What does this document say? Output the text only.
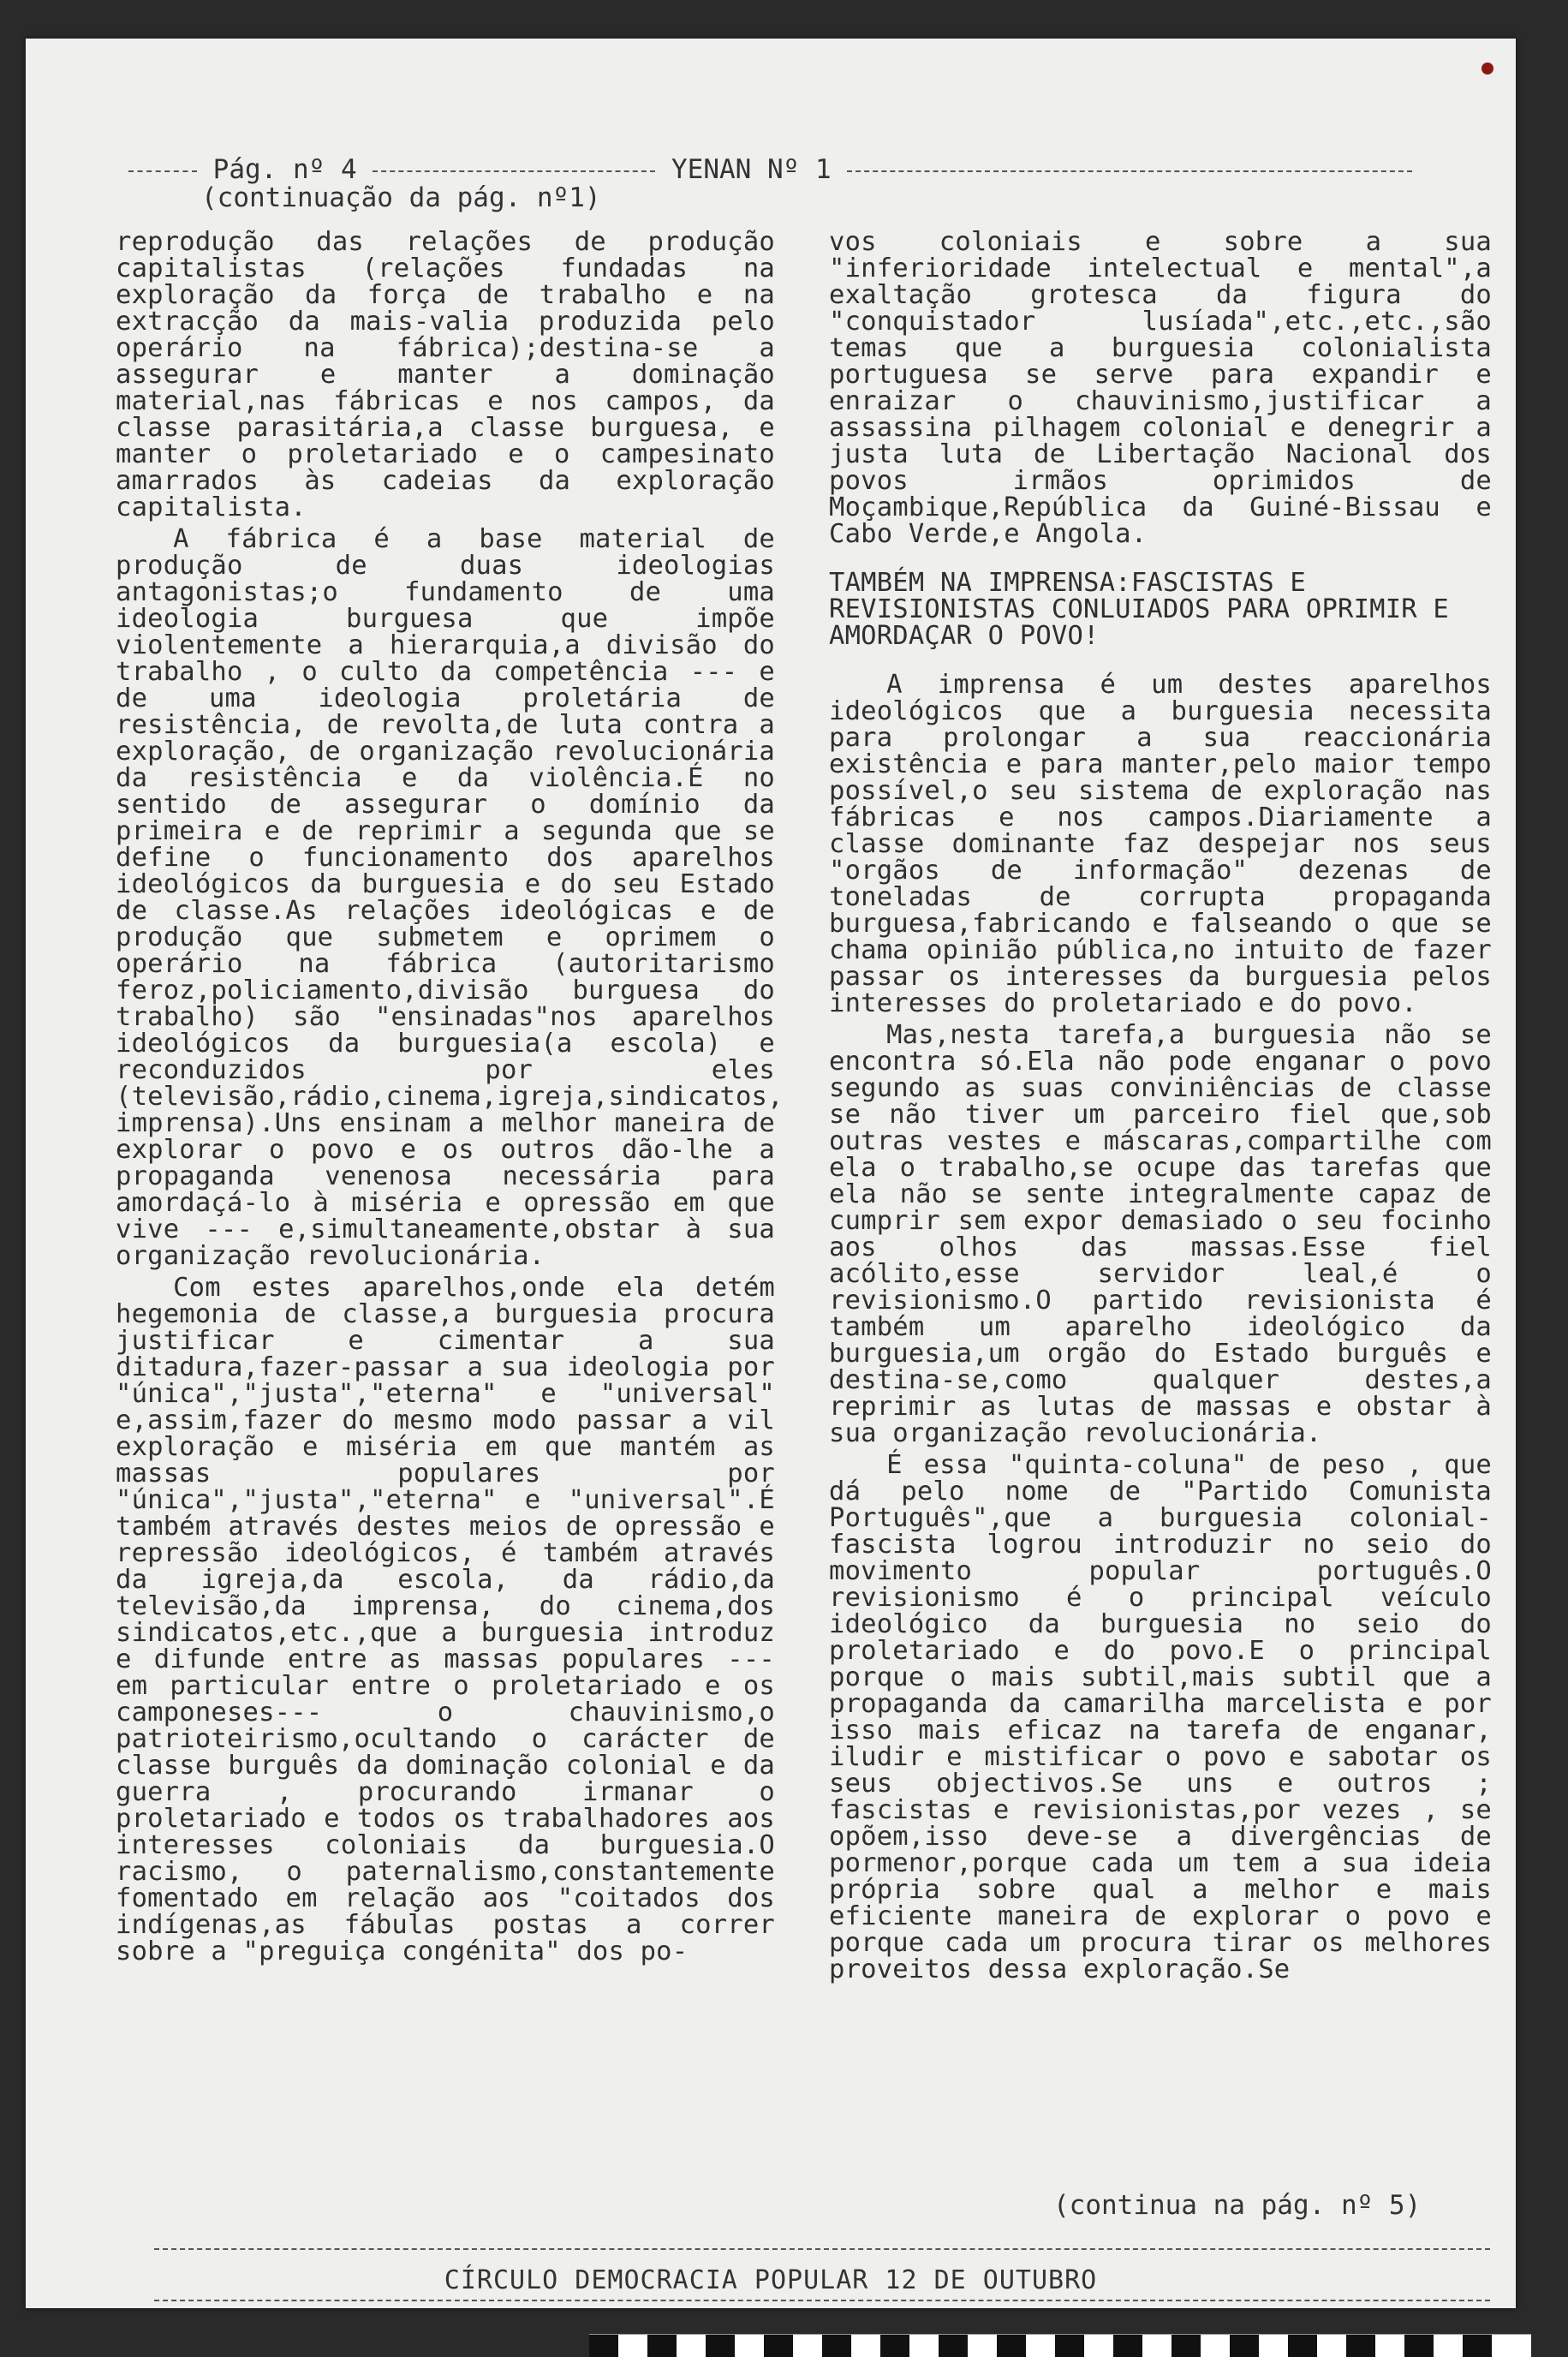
Pág. nº 4	YENAN Nº 1
(continuação da pág. nº1)

reprodução das relações de produção capitalistas (relações fundadas na exploração da força de trabalho e na extracção da mais-valia produzida pelo operário na fábrica);destina-se a assegurar e manter a dominação material,nas fábricas e nos campos, da classe parasitária,a classe burguesa, e manter o proletariado e o campesinato amarrados às cadeias da exploração capitalista.

A fábrica é a base material de produção de duas ideologias antagonistas;o fundamento de uma ideologia burguesa que impõe violentemente a hierarquia,a divisão do trabalho , o culto da competência --- e de uma ideologia proletária de resistência, de revolta,de luta contra a exploração, de organização revolucionária da resistência e da violência.É no sentido de assegurar o domínio da primeira e de reprimir a segunda que se define o funcionamento dos aparelhos ideológicos da burguesia e do seu Estado de classe.As relações ideológicas e de produção que submetem e oprimem o operário na fábrica (autoritarismo feroz,policiamento,divisão burguesa do trabalho) são "ensinadas"nos aparelhos ideológicos da burguesia(a escola) e reconduzidos por eles (televisão,rádio,cinema,igreja,sindicatos, imprensa).Uns ensinam a melhor maneira de explorar o povo e os outros dão-lhe a propaganda venenosa necessária para amordaçá-lo à miséria e opressão em que vive --- e,simultaneamente,obstar à sua organização revolucionária.

Com estes aparelhos,onde ela detém hegemonia de classe,a burguesia procura justificar e cimentar a sua ditadura,fazer-passar a sua ideologia por "única","justa","eterna" e "universal" e,assim,fazer do mesmo modo passar a vil exploração e miséria em que mantém as massas populares por "única","justa","eterna" e "universal".É também através destes meios de opressão e repressão ideológicos, é também através da igreja,da escola, da rádio,da televisão,da imprensa, do cinema,dos sindicatos,etc.,que a burguesia introduz e difunde entre as massas populares --- em particular entre o proletariado e os camponeses--- o chauvinismo,o patrioteirismo,ocultando o carácter de classe burguês da dominação colonial e da guerra , procurando irmanar o proletariado e todos os trabalhadores aos interesses coloniais da burguesia.O racismo, o paternalismo,constantemente fomentado em relação aos "coitados dos indígenas,as fábulas postas a correr sobre a "preguiça congénita" dos po-

vos coloniais e sobre a sua "inferioridade intelectual e mental",a exaltação grotesca da figura do "conquistador lusíada",etc.,etc.,são temas que a burguesia colonialista portuguesa se serve para expandir e enraizar o chauvinismo,justificar a assassina pilhagem colonial e denegrir a justa luta de Libertação Nacional dos povos irmãos oprimidos de Moçambique,República da Guiné-Bissau e Cabo Verde,e Angola.

TAMBÉM NA IMPRENSA:FASCISTAS E REVISIONISTAS CONLUIADOS PARA OPRIMIR E AMORDAÇAR O POVO!

A imprensa é um destes aparelhos ideológicos que a burguesia necessita para prolongar a sua reaccionária existência e para manter,pelo maior tempo possível,o seu sistema de exploração nas fábricas e nos campos.Diariamente a classe dominante faz despejar nos seus "orgãos de informação" dezenas de toneladas de corrupta propaganda burguesa,fabricando e falseando o que se chama opinião pública,no intuito de fazer passar os interesses da burguesia pelos interesses do proletariado e do povo.

Mas,nesta tarefa,a burguesia não se encontra só.Ela não pode enganar o povo segundo as suas conviniências de classe se não tiver um parceiro fiel que,sob outras vestes e máscaras,compartilhe com ela o trabalho,se ocupe das tarefas que ela não se sente integralmente capaz de cumprir sem expor demasiado o seu focinho aos olhos das massas.Esse fiel acólito,esse servidor leal,é o revisionismo.O partido revisionista é também um aparelho ideológico da burguesia,um orgão do Estado burguês e destina-se,como qualquer destes,a reprimir as lutas de massas e obstar à sua organização revolucionária.

É essa "quinta-coluna" de peso , que dá pelo nome de "Partido Comunista Português",que a burguesia colonial-fascista logrou introduzir no seio do movimento popular português.O revisionismo é o principal veículo ideológico da burguesia no seio do proletariado e do povo.E o principal porque o mais subtil,mais subtil que a propaganda da camarilha marcelista e por isso mais eficaz na tarefa de enganar, iludir e mistificar o povo e sabotar os seus objectivos.Se uns e outros ; fascistas e revisionistas,por vezes , se opõem,isso deve-se a divergências de pormenor,porque cada um tem a sua ideia própria sobre qual a melhor e mais eficiente maneira de explorar o povo e porque cada um procura tirar os melhores proveitos dessa exploração.Se

(continua na pág. nº 5)
CÍRCULO DEMOCRACIA POPULAR 12 DE OUTUBRO
